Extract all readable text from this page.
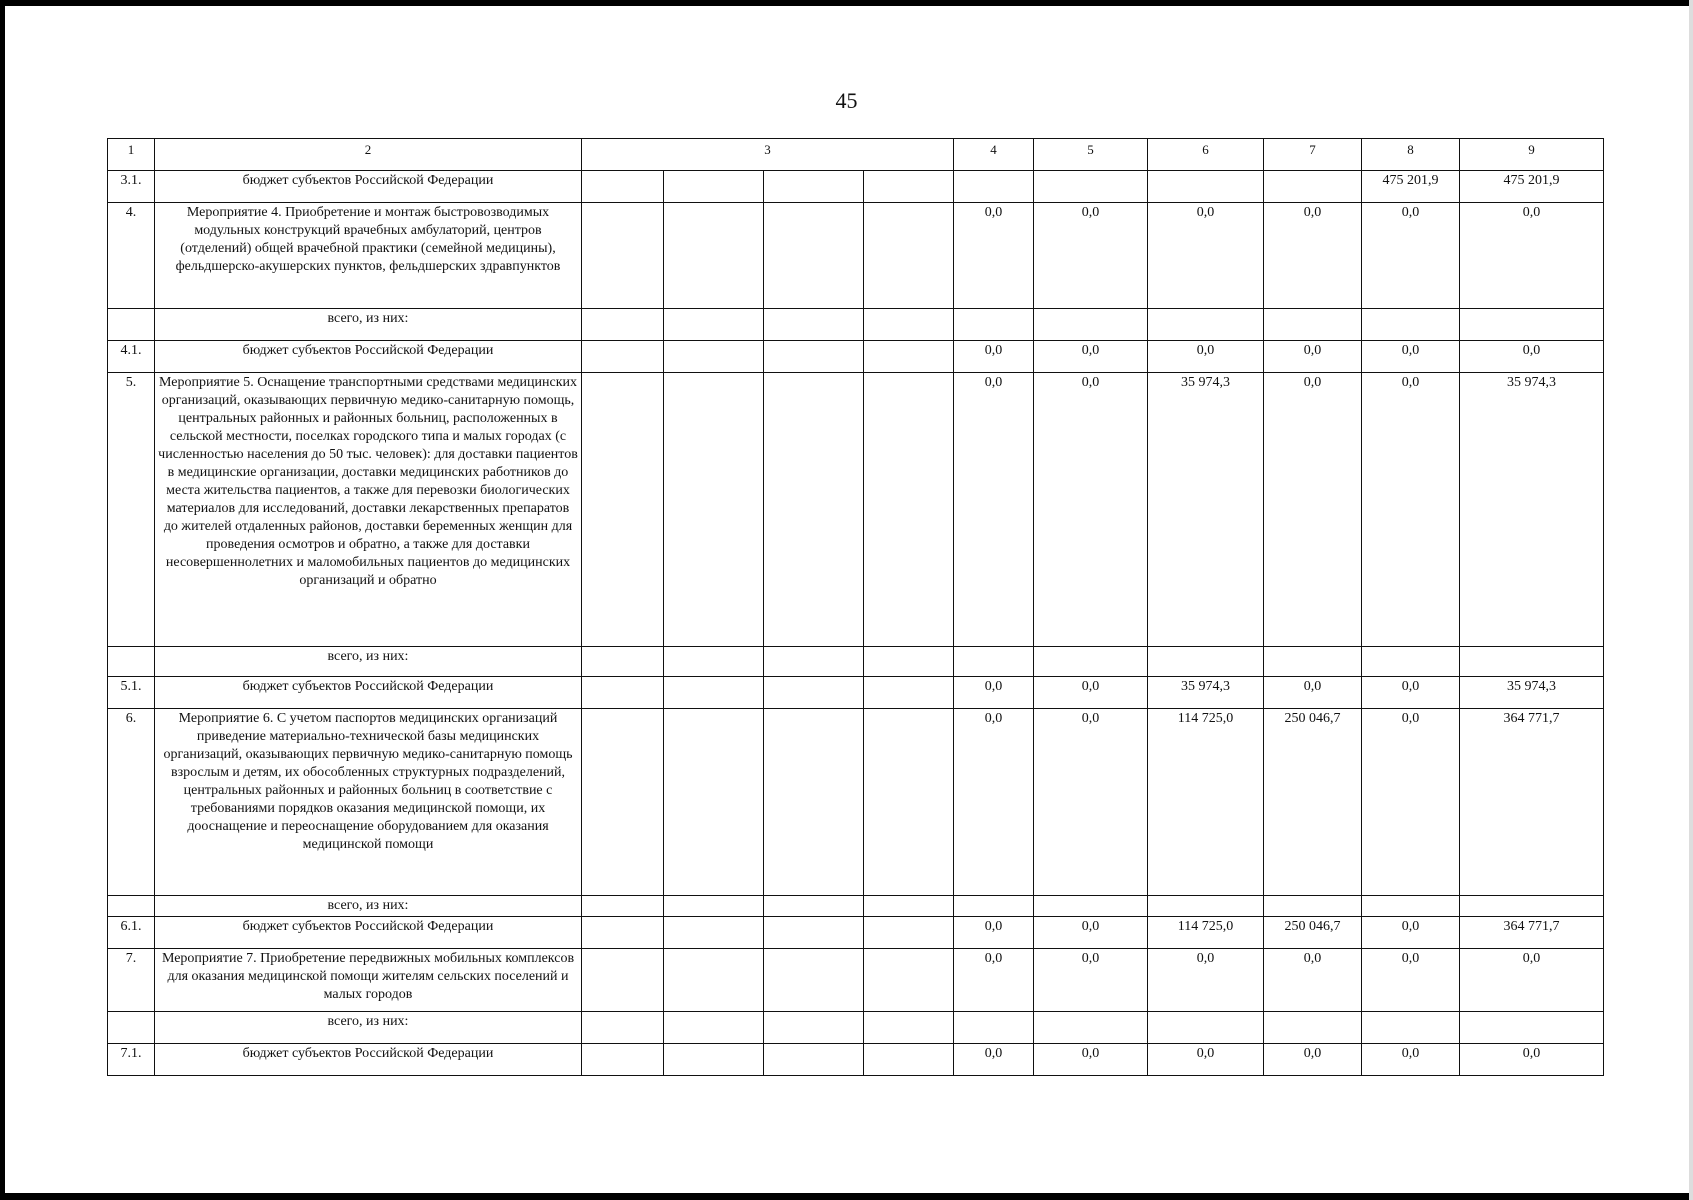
45
1	2	3				4	5	6	7	8	9
3.1.	бюджет субъектов Российской Федерации									475 201,9	475 201,9
4.	Мероприятие 4. Приобретение и монтаж быстровозводимых модульных конструкций врачебных амбулаторий, центров (отделений) общей врачебной практики (семейной медицины), фельдшерско-акушерских пунктов, фельдшерских здравпунктов					0,0	0,0	0,0	0,0	0,0	0,0
	всего, из них:										
4.1.	бюджет субъектов Российской Федерации					0,0	0,0	0,0	0,0	0,0	0,0
5.	Мероприятие 5. Оснащение транспортными средствами медицинских организаций, оказывающих первичную медико-санитарную помощь, центральных районных и районных больниц, расположенных в сельской местности, поселках городского типа и малых городах (с численностью населения до 50 тыс. человек): для доставки пациентов в медицинские организации, доставки медицинских работников до места жительства пациентов, а также для перевозки биологических материалов для исследований, доставки лекарственных препаратов до жителей отдаленных районов, доставки беременных женщин для проведения осмотров и обратно, а также для доставки несовершеннолетних и маломобильных пациентов до медицинских организаций и обратно					0,0	0,0	35 974,3	0,0	0,0	35 974,3
	всего, из них:										
5.1.	бюджет субъектов Российской Федерации					0,0	0,0	35 974,3	0,0	0,0	35 974,3
6.	Мероприятие 6. С учетом паспортов медицинских организаций приведение материально-технической базы медицинских организаций, оказывающих первичную медико-санитарную помощь взрослым и детям, их обособленных структурных подразделений, центральных районных и районных больниц в соответствие с требованиями порядков оказания медицинской помощи, их дооснащение и переоснащение оборудованием для оказания медицинской помощи					0,0	0,0	114 725,0	250 046,7	0,0	364 771,7
	всего, из них:										
6.1.	бюджет субъектов Российской Федерации					0,0	0,0	114 725,0	250 046,7	0,0	364 771,7
7.	Мероприятие 7. Приобретение передвижных мобильных комплексов для оказания медицинской помощи жителям сельских поселений и малых городов					0,0	0,0	0,0	0,0	0,0	0,0
	всего, из них:										
7.1.	бюджет субъектов Российской Федерации					0,0	0,0	0,0	0,0	0,0	0,0
